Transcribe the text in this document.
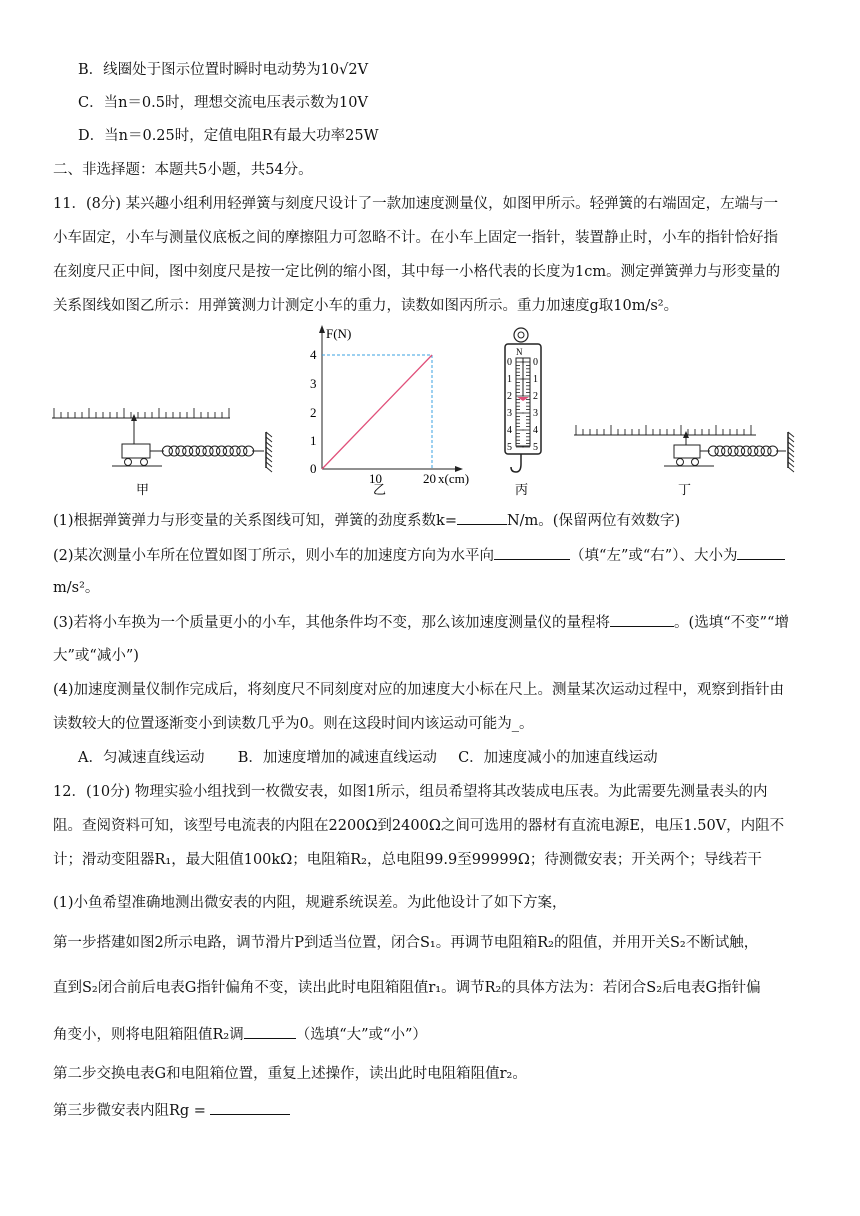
B．线圈处于图示位置时瞬时电动势为10√2V
C．当n＝0.5时，理想交流电压表示数为10V
D．当n＝0.25时，定值电阻R有最大功率25W
二、非选择题：本题共5小题，共54分。
11．(8分) 某兴趣小组利用轻弹簧与刻度尺设计了一款加速度测量仪，如图甲所示。轻弹簧的右端固定，左端与一
小车固定，小车与测量仪底板之间的摩擦阻力可忽略不计。在小车上固定一指针，装置静止时，小车的指针恰好指
在刻度尺正中间，图中刻度尺是按一定比例的缩小图，其中每一小格代表的长度为1cm。测定弹簧弹力与形变量的
关系图线如图乙所示：用弹簧测力计测定小车的重力，读数如图丙所示。重力加速度g取10m/s²。
甲
F(N)
x(cm)
0
1
2
3
4
10	20
乙
N
0
1
2
3
4
5
0
1
2
3
4
5
丙	丁
(1)根据弹簧弹力与形变量的关系图线可知，弹簧的劲度系数k=	N/m。(保留两位有效数字)
(2)某次测量小车所在位置如图丁所示，则小车的加速度方向为水平向	（填“左”或“右”）、大小为
m/s²。
(3)若将小车换为一个质量更小的小车，其他条件均不变，那么该加速度测量仪的量程将	。(选填“不变”“增
大”或“减小”)
(4)加速度测量仪制作完成后，将刻度尺不同刻度对应的加速度大小标在尺上。测量某次运动过程中，观察到指针由
读数较大的位置逐渐变小到读数几乎为0。则在这段时间内该运动可能为_。
A．匀减速直线运动 B．加速度增加的减速直线运动 C．加速度减小的加速直线运动
12．(10分) 物理实验小组找到一枚微安表，如图1所示，组员希望将其改装成电压表。为此需要先测量表头的内
阻。查阅资料可知，该型号电流表的内阻在2200Ω到2400Ω之间可选用的器材有直流电源E，电压1.50V，内阻不
计；滑动变阻器R₁，最大阻值100kΩ；电阻箱R₂，总电阻99.9至99999Ω；待测微安表；开关两个；导线若干
(1)小鱼希望准确地测出微安表的内阻，规避系统误差。为此他设计了如下方案，
第一步搭建如图2所示电路，调节滑片P到适当位置，闭合S₁。再调节电阻箱R₂的阻值，并用开关S₂不断试触，
直到S₂闭合前后电表G指针偏角不变，读出此时电阻箱阻值r₁。调节R₂的具体方法为：若闭合S₂后电表G指针偏
角变小，则将电阻箱阻值R₂调	（选填“大”或“小”）
第二步交换电表G和电阻箱位置，重复上述操作，读出此时电阻箱阻值r₂。
第三步微安表内阻Rg =
